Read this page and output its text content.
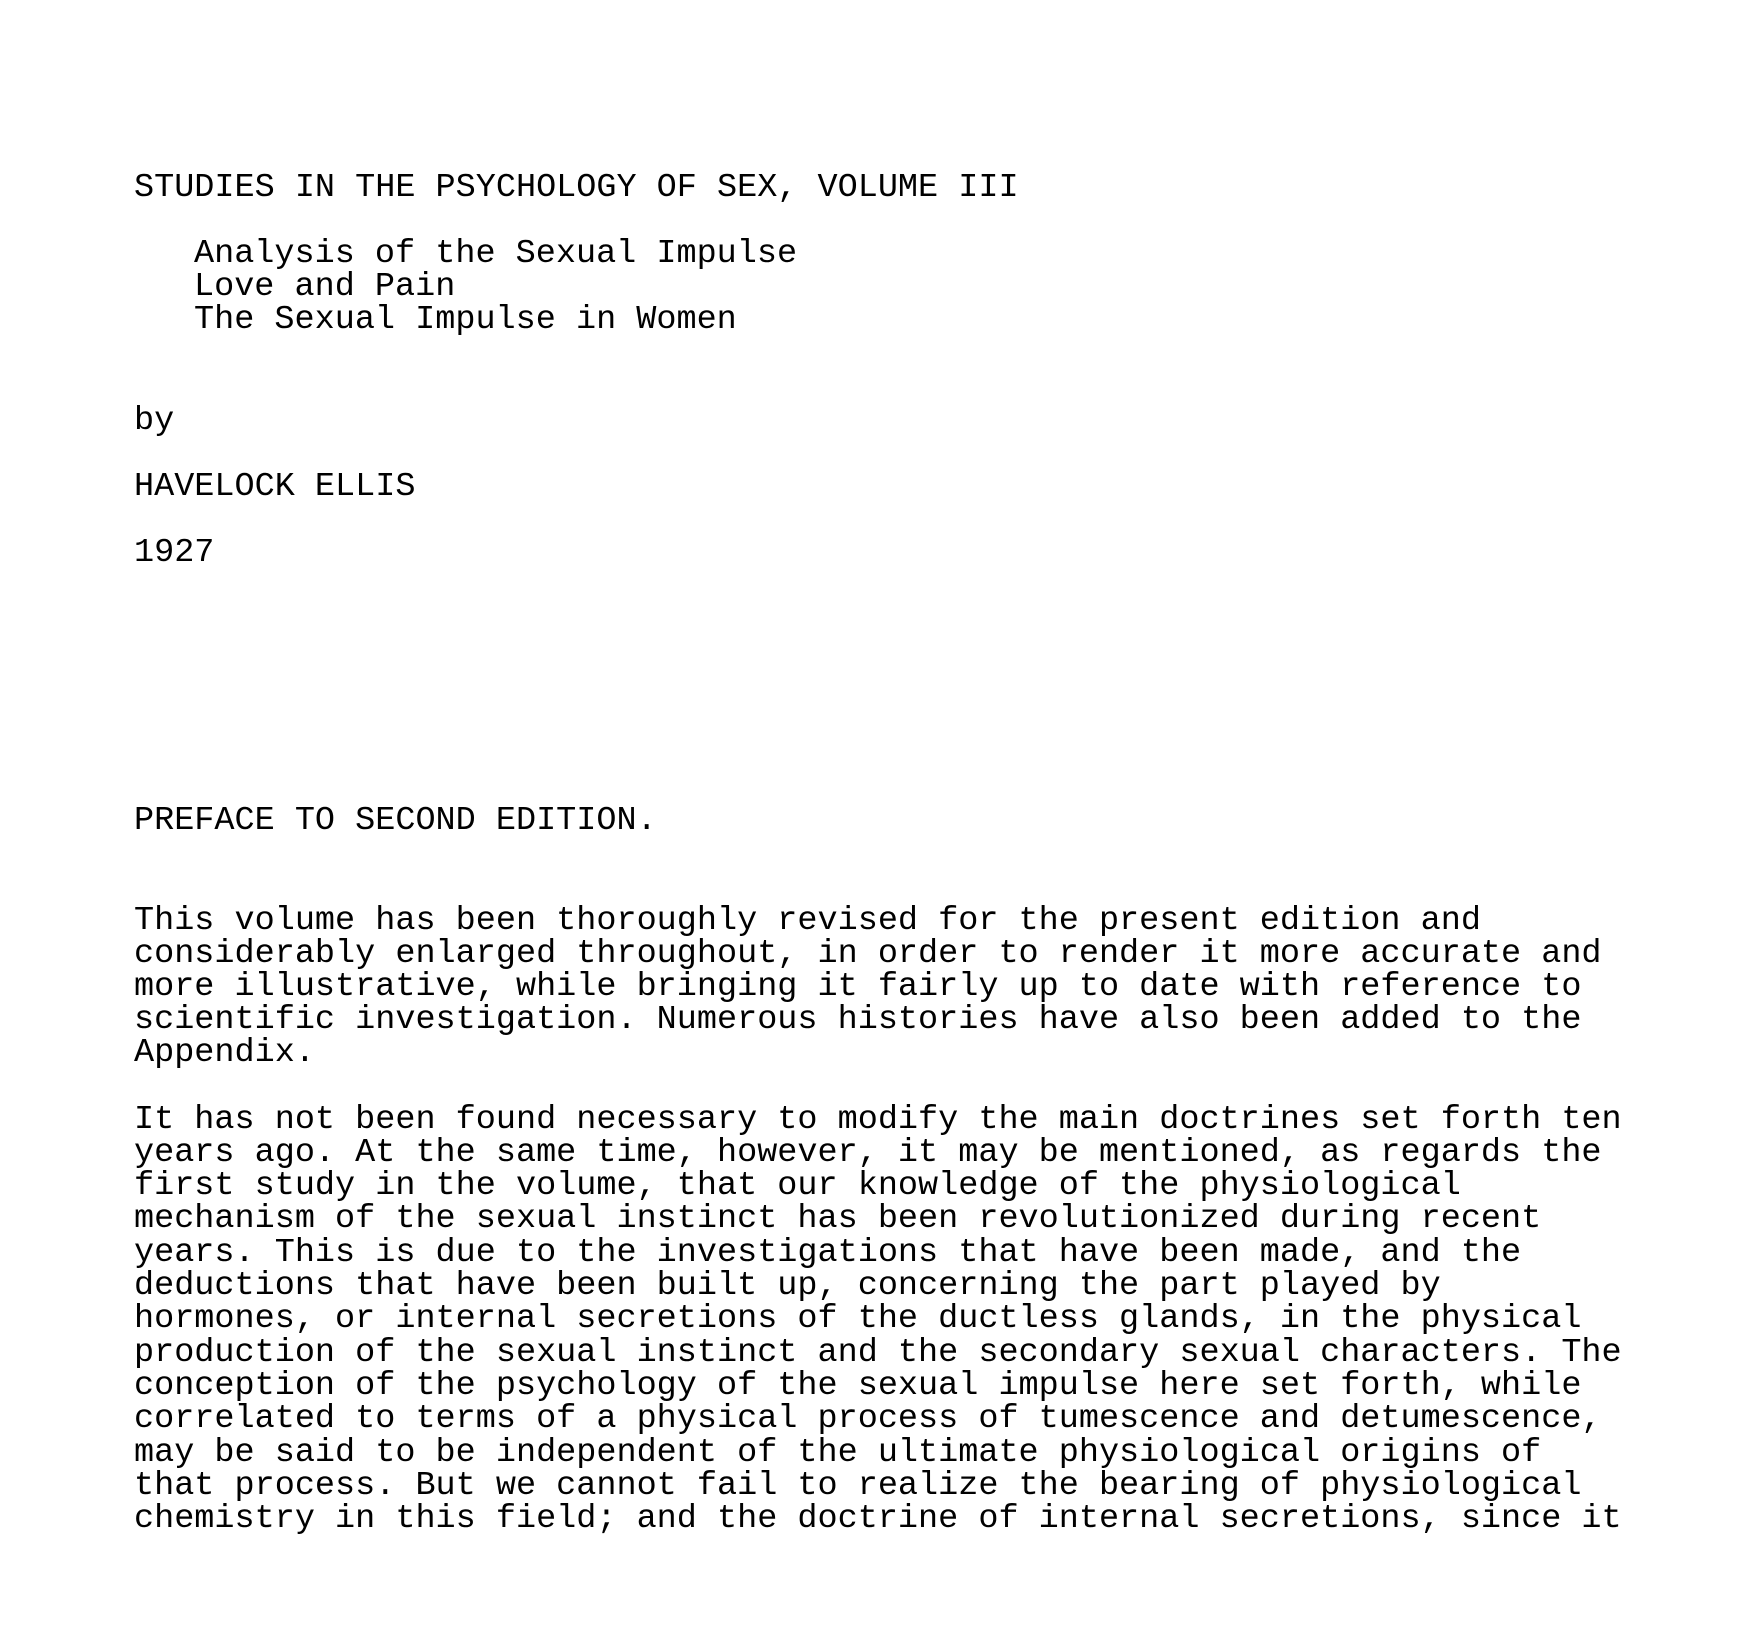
STUDIES IN THE PSYCHOLOGY OF SEX, VOLUME III

Analysis of the Sexual Impulse

Love and Pain

The Sexual Impulse in Women

by

HAVELOCK ELLIS

1927

PREFACE TO SECOND EDITION.

This volume has been thoroughly revised for the present edition and

considerably enlarged throughout, in order to render it more accurate and

more illustrative, while bringing it fairly up to date with reference to

scientific investigation. Numerous histories have also been added to the

Appendix.

It has not been found necessary to modify the main doctrines set forth ten

years ago. At the same time, however, it may be mentioned, as regards the

first study in the volume, that our knowledge of the physiological

mechanism of the sexual instinct has been revolutionized during recent

years. This is due to the investigations that have been made, and the

deductions that have been built up, concerning the part played by

hormones, or internal secretions of the ductless glands, in the physical

production of the sexual instinct and the secondary sexual characters. The

conception of the psychology of the sexual impulse here set forth, while

correlated to terms of a physical process of tumescence and detumescence,

may be said to be independent of the ultimate physiological origins of

that process. But we cannot fail to realize the bearing of physiological

chemistry in this field; and the doctrine of internal secretions, since it
